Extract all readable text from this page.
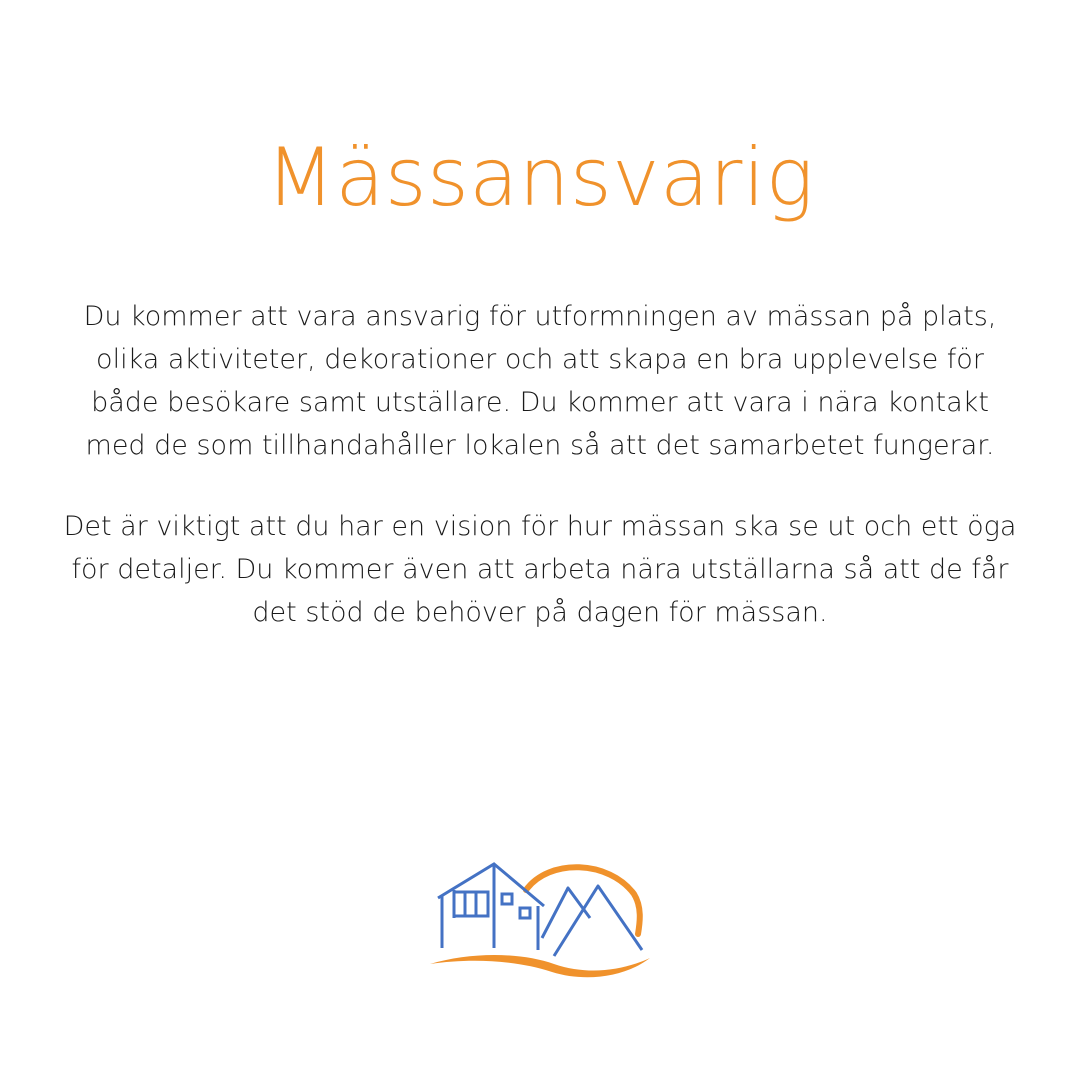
Mässansvarig

Du kommer att vara ansvarig för utformningen av mässan på plats,
olika aktiviteter, dekorationer och att skapa en bra upplevelse för
både besökare samt utställare. Du kommer att vara i nära kontakt
med de som tillhandahåller lokalen så att det samarbetet fungerar.

Det är viktigt att du har en vision för hur mässan ska se ut och ett öga
för detaljer. Du kommer även att arbeta nära utställarna så att de får
det stöd de behöver på dagen för mässan.
